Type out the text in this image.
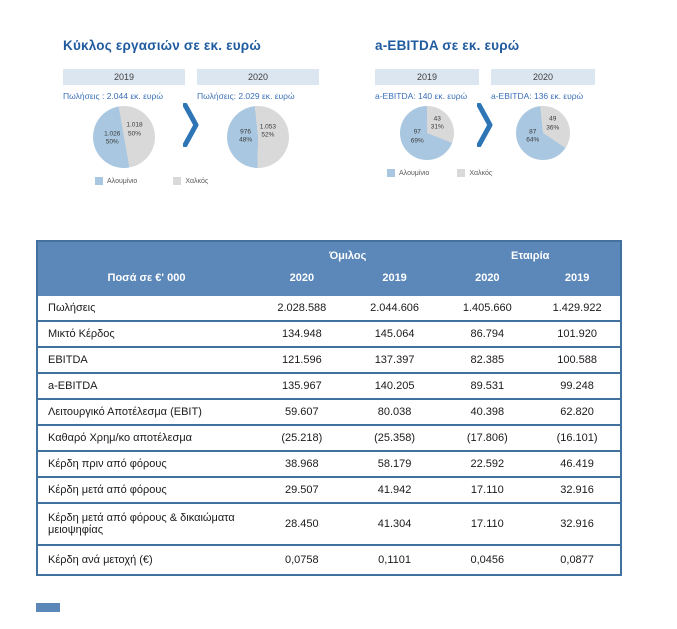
Κύκλος εργασιών σε εκ. ευρώ
2019
Πωλήσεις : 2.044 εκ. ευρώ
1.026
50%
1.018
50%
2020
Πωλήσεις: 2.029 εκ. ευρώ
976
48%
1.053
52%
Αλουμίνιο	Χαλκός
a-EBITDA σε εκ. ευρώ
2019
a-EBITDA: 140 εκ. ευρώ
97
69%
43
31%
2020
a-EBITDA: 136 εκ. ευρώ
87
64%
49
36%
Αλουμίνιο	Χαλκός
	Όμιλος		Εταιρία	
Ποσά σε €' 000	2020	2019	2020	2019
Πωλήσεις	2.028.588	2.044.606	1.405.660	1.429.922
Μικτό Κέρδος	134.948	145.064	86.794	101.920
EBITDA	121.596	137.397	82.385	100.588
a-EBITDA	135.967	140.205	89.531	99.248
Λειτουργικό Αποτέλεσμα (EBIT)	59.607	80.038	40.398	62.820
Καθαρό Χρημ/κο αποτέλεσμα	(25.218)	(25.358)	(17.806)	(16.101)
Κέρδη πριν από φόρους	38.968	58.179	22.592	46.419
Κέρδη μετά από φόρους	29.507	41.942	17.110	32.916
Κέρδη μετά από φόρους & δικαιώματα μειοψηφίας	28.450	41.304	17.110	32.916
Κέρδη ανά μετοχή (€)	0,0758	0,1101	0,0456	0,0877
